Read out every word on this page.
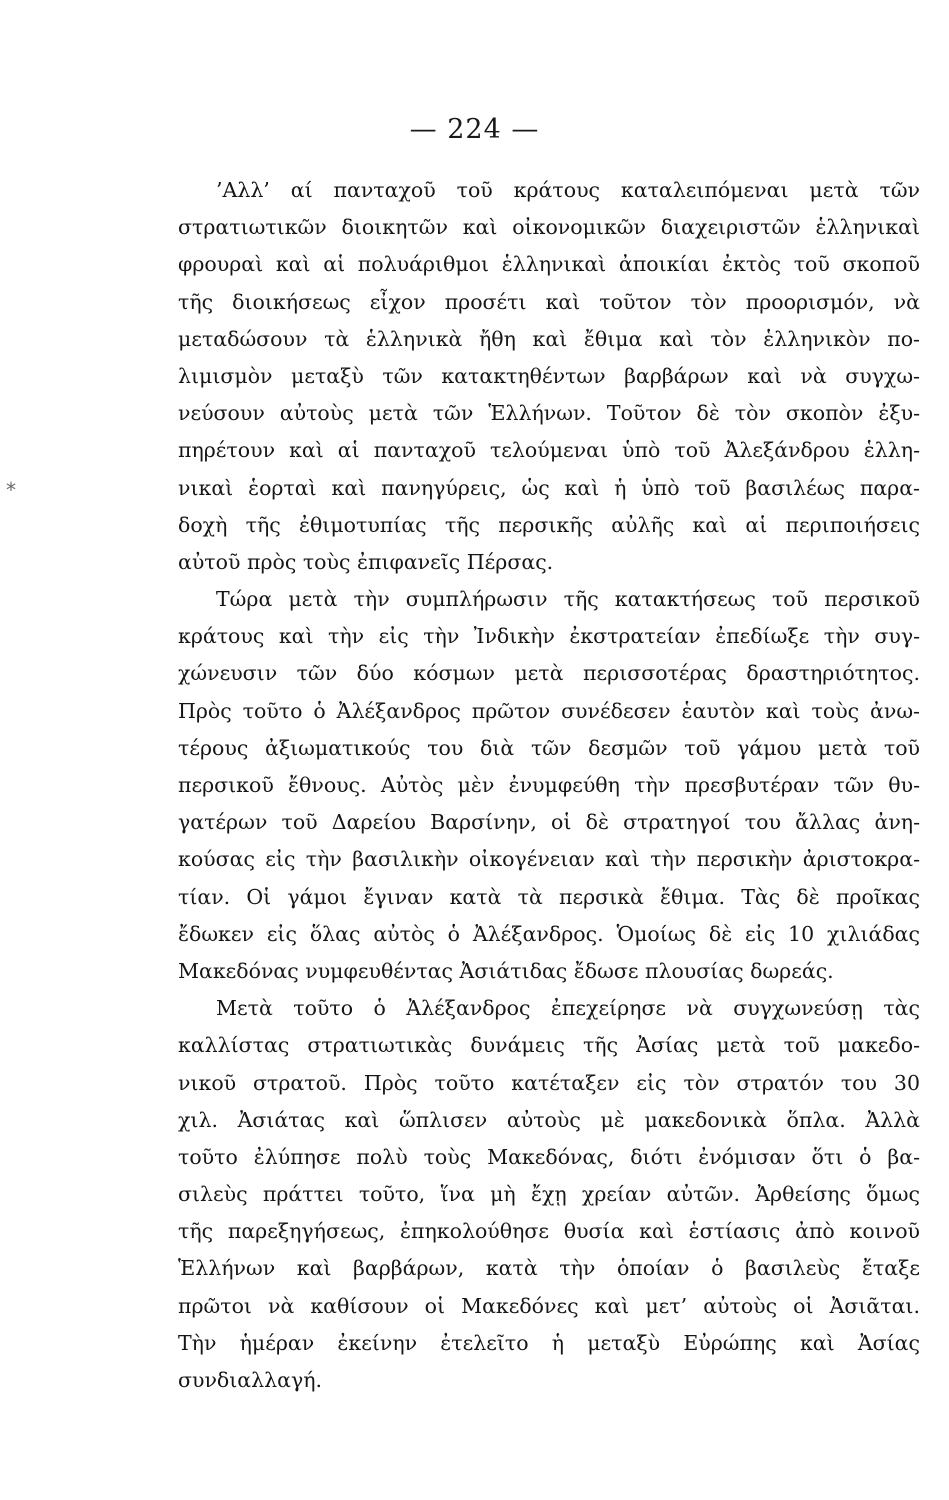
— 224 —
*
’Αλλ’ αί πανταχοῦ τοῦ κράτους καταλειπόμεναι μετὰ τῶν
στρατιωτικῶν διοικητῶν καὶ οἰκονομικῶν διαχειριστῶν ἑλληνικαὶ
φρουραὶ καὶ αἱ πολυάριθμοι ἑλληνικαὶ ἀποικίαι ἐκτὸς τοῦ σκοποῦ
τῆς διοικήσεως εἶχον προσέτι καὶ τοῦτον τὸν προορισμόν, νὰ
μεταδώσουν τὰ ἑλληνικὰ ἤθη καὶ ἔθιμα καὶ τὸν ἑλληνικὸν πο-
λιμισμὸν μεταξὺ τῶν κατακτηθέντων βαρβάρων καὶ νὰ συγχω-
νεύσουν αὐτοὺς μετὰ τῶν Ἑλλήνων. Τοῦτον δὲ τὸν σκοπὸν ἐξυ-
πηρέτουν καὶ αἱ πανταχοῦ τελούμεναι ὑπὸ τοῦ Ἀλεξάνδρου ἑλλη-
νικαὶ ἑορταὶ καὶ πανηγύρεις, ὡς καὶ ἡ ὑπὸ τοῦ βασιλέως παρα-
δοχὴ τῆς ἐθιμοτυπίας τῆς περσικῆς αὐλῆς καὶ αἱ περιποιήσεις
αὐτοῦ πρὸς τοὺς ἐπιφανεῖς Πέρσας.
Τώρα μετὰ τὴν συμπλήρωσιν τῆς κατακτήσεως τοῦ περσικοῦ
κράτους καὶ τὴν εἰς τὴν Ἰνδικὴν ἐκστρατείαν ἐπεδίωξε τὴν συγ-
χώνευσιν τῶν δύο κόσμων μετὰ περισσοτέρας δραστηριότητος.
Πρὸς τοῦτο ὁ Ἀλέξανδρος πρῶτον συνέδεσεν ἑαυτὸν καὶ τοὺς ἀνω-
τέρους ἀξιωματικούς του διὰ τῶν δεσμῶν τοῦ γάμου μετὰ τοῦ
περσικοῦ ἔθνους. Αὐτὸς μὲν ἐνυμφεύθη τὴν πρεσβυτέραν τῶν θυ-
γατέρων τοῦ Δαρείου Βαρσίνην, οἱ δὲ στρατηγοί του ἄλλας ἀνη-
κούσας εἰς τὴν βασιλικὴν οἰκογένειαν καὶ τὴν περσικὴν ἀριστοκρα-
τίαν. Οἱ γάμοι ἔγιναν κατὰ τὰ περσικὰ ἔθιμα. Τὰς δὲ προῖκας
ἔδωκεν εἰς ὅλας αὐτὸς ὁ Ἀλέξανδρος. Ὁμοίως δὲ εἰς 10 χιλιάδας
Μακεδόνας νυμφευθέντας Ἀσιάτιδας ἔδωσε πλουσίας δωρεάς.
Μετὰ τοῦτο ὁ Ἀλέξανδρος ἐπεχείρησε νὰ συγχωνεύσῃ τὰς
καλλίστας στρατιωτικὰς δυνάμεις τῆς Ἀσίας μετὰ τοῦ μακεδο-
νικοῦ στρατοῦ. Πρὸς τοῦτο κατέταξεν εἰς τὸν στρατόν του 30
χιλ. Ἀσιάτας καὶ ὥπλισεν αὐτοὺς μὲ μακεδονικὰ ὅπλα. Ἀλλὰ
τοῦτο ἐλύπησε πολὺ τοὺς Μακεδόνας, διότι ἐνόμισαν ὅτι ὁ βα-
σιλεὺς πράττει τοῦτο, ἵνα μὴ ἔχῃ χρείαν αὐτῶν. Ἀρθείσης ὅμως
τῆς παρεξηγήσεως, ἐπηκολούθησε θυσία καὶ ἑστίασις ἀπὸ κοινοῦ
Ἑλλήνων καὶ βαρβάρων, κατὰ τὴν ὁποίαν ὁ βασιλεὺς ἔταξε
πρῶτοι νὰ καθίσουν οἱ Μακεδόνες καὶ μετ’ αὐτοὺς οἱ Ἀσιᾶται.
Τὴν ἡμέραν ἐκείνην ἐτελεῖτο ἡ μεταξὺ Εὐρώπης καὶ Ἀσίας
συνδιαλλαγή.
